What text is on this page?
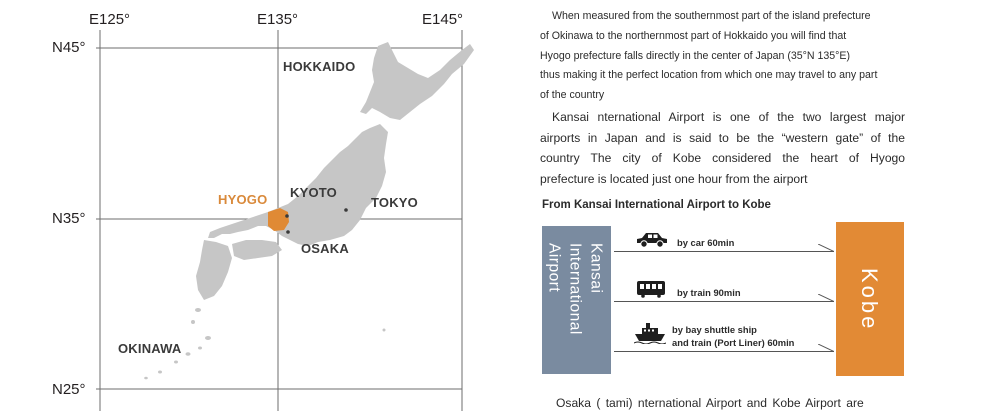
E125°	E135°	E145°
N45°
N35°
N25°
HOKKAIDO
HYOGO KYOTO
TOKYO
OSAKA
OKINAWA
When measured from the southernmost part of the island prefecture
of Okinawa to the northernmost part of Hokkaido you will find that
Hyogo prefecture falls directly in the center of Japan (35°N 135°E)
thus making it the perfect location from which one may travel to any part
of the country
Kansai nternational Airport is one of the two largest major
airports in Japan and is said to be the “western gate” of the
country The city of Kobe considered the heart of Hyogo
prefecture is located just one hour from the airport
From Kansai International Airport to Kobe
Kansai
International
Airport
Kobe
by car 60min
by train 90min
by bay shuttle ship
and train (Port Liner) 60min
Osaka ( tami) nternational Airport and Kobe Airport are
